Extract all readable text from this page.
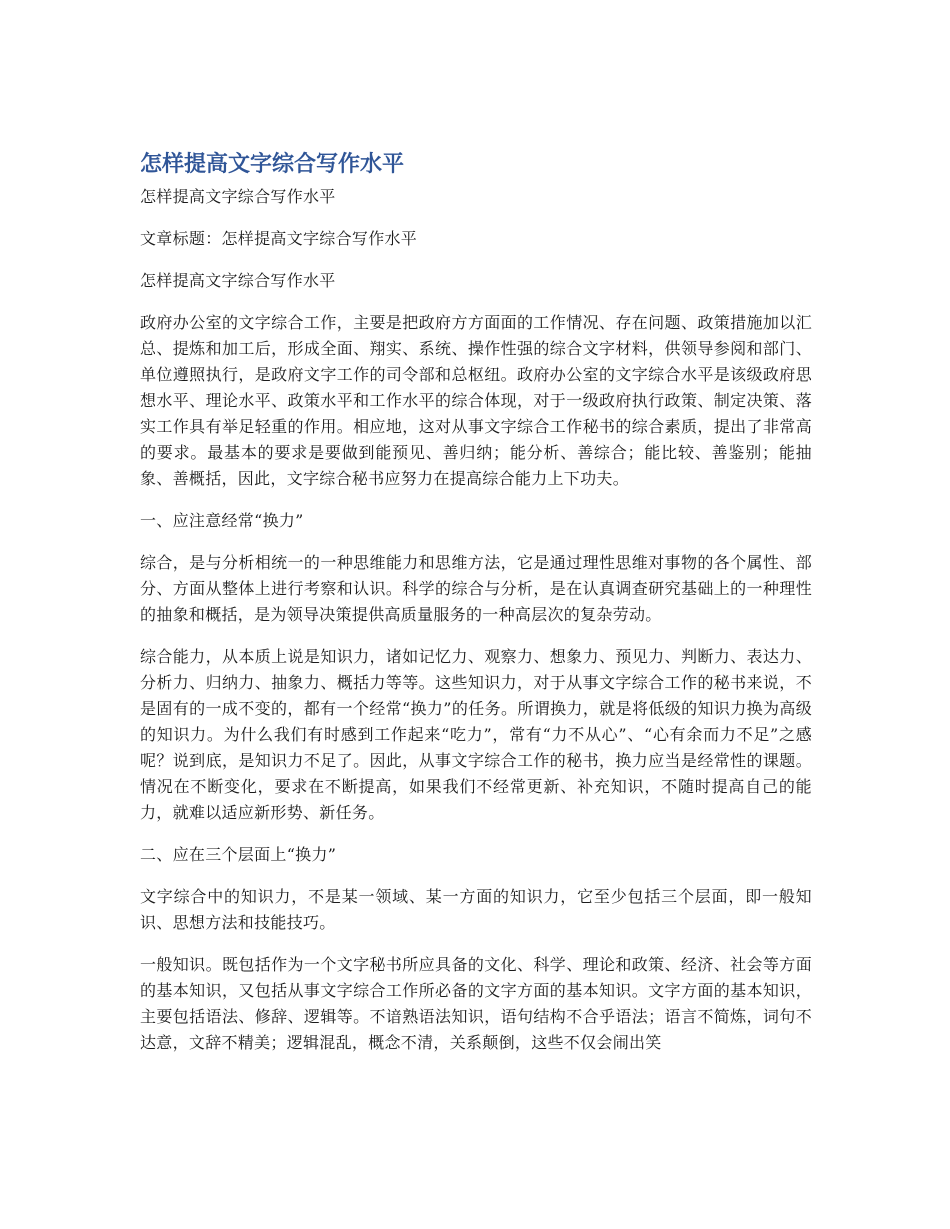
怎样提高文字综合写作水平

怎样提高文字综合写作水平

文章标题：怎样提高文字综合写作水平

怎样提高文字综合写作水平

政府办公室的文字综合工作，主要是把政府方方面面的工作情况、存在问题、政策措施加以汇总、提炼和加工后，形成全面、翔实、系统、操作性强的综合文字材料，供领导参阅和部门、单位遵照执行，是政府文字工作的司令部和总枢纽。政府办公室的文字综合水平是该级政府思想水平、理论水平、政策水平和工作水平的综合体现，对于一级政府执行政策、制定决策、落实工作具有举足轻重的作用。相应地，这对从事文字综合工作秘书的综合素质，提出了非常高的要求。最基本的要求是要做到能预见、善归纳；能分析、善综合；能比较、善鉴别；能抽象、善概括，因此，文字综合秘书应努力在提高综合能力上下功夫。

一、应注意经常“换力”

综合，是与分析相统一的一种思维能力和思维方法，它是通过理性思维对事物的各个属性、部分、方面从整体上进行考察和认识。科学的综合与分析，是在认真调查研究基础上的一种理性的抽象和概括，是为领导决策提供高质量服务的一种高层次的复杂劳动。

综合能力，从本质上说是知识力，诸如记忆力、观察力、想象力、预见力、判断力、表达力、分析力、归纳力、抽象力、概括力等等。这些知识力，对于从事文字综合工作的秘书来说，不是固有的一成不变的，都有一个经常“换力”的任务。所谓换力，就是将低级的知识力换为高级的知识力。为什么我们有时感到工作起来“吃力”，常有“力不从心”、“心有余而力不足”之感呢？说到底，是知识力不足了。因此，从事文字综合工作的秘书，换力应当是经常性的课题。情况在不断变化，要求在不断提高，如果我们不经常更新、补充知识，不随时提高自己的能力，就难以适应新形势、新任务。

二、应在三个层面上“换力”

文字综合中的知识力，不是某一领域、某一方面的知识力，它至少包括三个层面，即一般知识、思想方法和技能技巧。

一般知识。既包括作为一个文字秘书所应具备的文化、科学、理论和政策、经济、社会等方面的基本知识，又包括从事文字综合工作所必备的文字方面的基本知识。文字方面的基本知识，主要包括语法、修辞、逻辑等。不谙熟语法知识，语句结构不合乎语法；语言不简炼，词句不达意，文辞不精美；逻辑混乱，概念不清，关系颠倒，这些不仅会闹出笑
